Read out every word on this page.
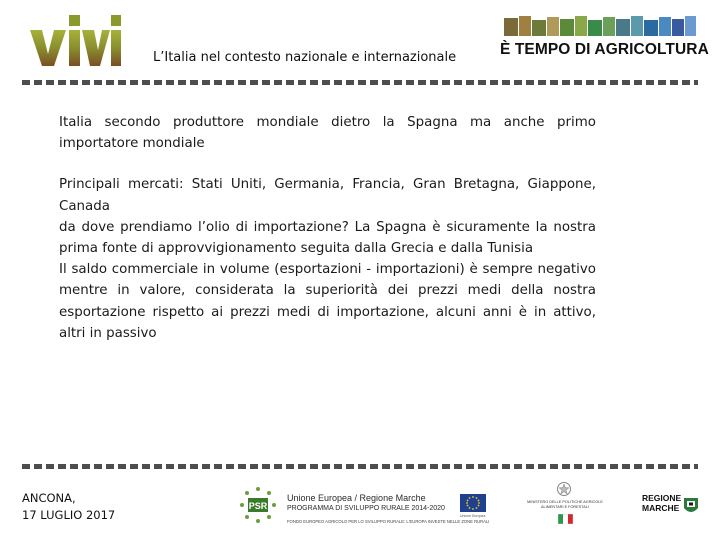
L’Italia nel contesto nazionale e internazionale	È TEMPO DI AGRICOLTURA

Italia secondo produttore mondiale dietro la Spagna ma anche primo importatore mondiale

Principali mercati: Stati Uniti, Germania, Francia, Gran Bretagna, Giappone, Canada

da dove prendiamo l’olio di importazione? La Spagna è sicuramente la nostra prima fonte di approvvigionamento seguita dalla Grecia e dalla Tunisia

Il saldo commerciale in volume (esportazioni - importazioni) è sempre negativo mentre in valore, considerata la superiorità dei prezzi medi della nostra esportazione rispetto ai prezzi medi di importazione, alcuni anni è in attivo, altri in passivo

ANCONA,
17 LUGLIO 2017
PSR
Unione Europea / Regione Marche
PROGRAMMA DI SVILUPPO RURALE 2014-2020
FONDO EUROPEO AGRICOLO PER LO SVILUPPO RURALE: L'EUROPA INVESTE NELLE ZONE RURALI
Unione Europea
MINISTERO DELLE POLITICHE AGRICOLE ALIMENTARI E FORESTALI
REGIONE
MARCHE
